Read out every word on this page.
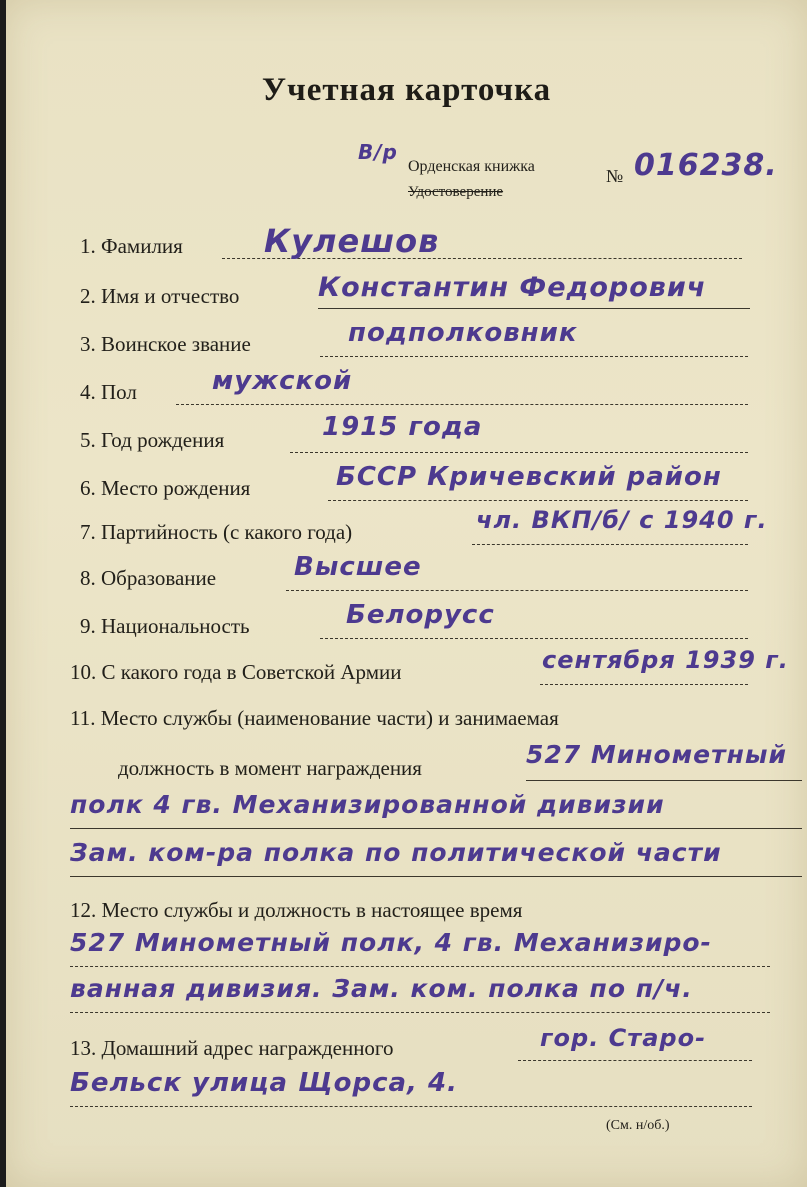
Учетная карточка
В/р
Орденская книжка
Удостоверение
№ 016238.
1. Фамилия	Кулешов
2. Имя и отчество	Константин Федорович
3. Воинское звание	подполковник
4. Пол	мужской
5. Год рождения	1915 года
6. Место рождения	БССР Кричевский район
7. Партийность (с какого года)	чл. ВКП/б/ с 1940 г.
8. Образование	Высшее
9. Национальность	Белорусс
10. С какого года в Советской Армии	сентября 1939 г.
11. Место службы (наименование части) и занимаемая
должность в момент награждения	527 Минометный
полк 4 гв. Механизированной дивизии
Зам. ком-ра полка по политической части
12. Место службы и должность в настоящее время
527 Минометный полк, 4 гв. Механизиро-
ванная дивизия. Зам. ком. полка по п/ч.
13. Домашний адрес награжденного	гор. Старо-
Бельск улица Щорса, 4.
(См. н/об.)
